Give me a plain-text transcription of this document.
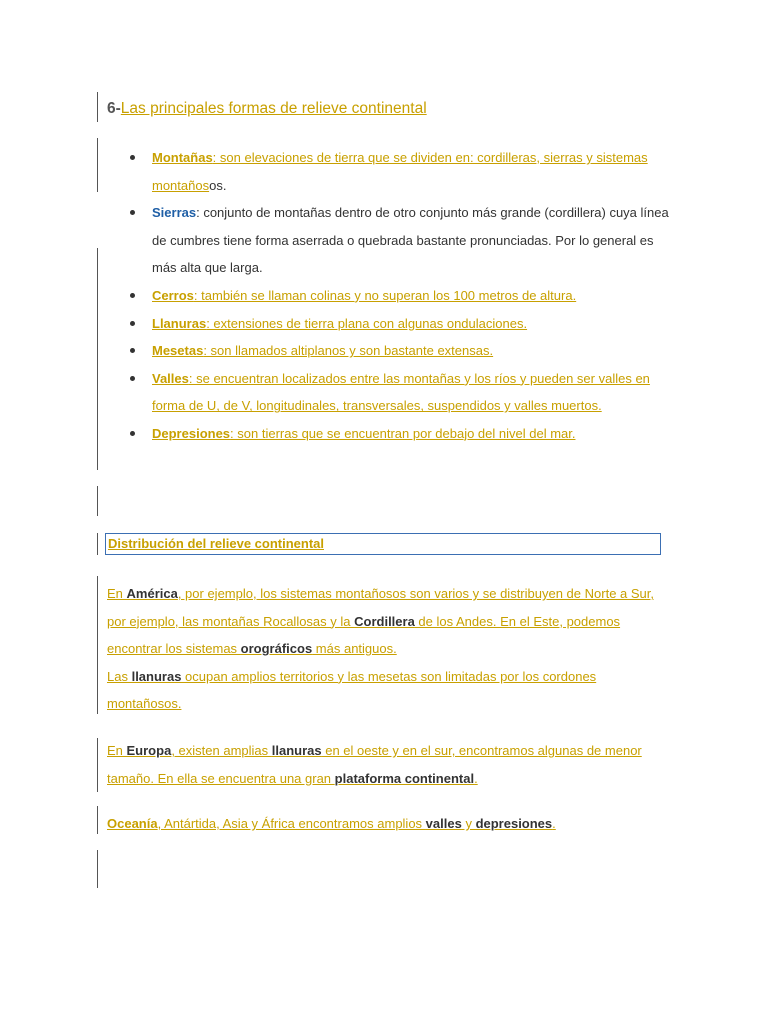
6-Las principales formas de relieve continental
Montañas: son elevaciones de tierra que se dividen en: cordilleras, sierras y sistemas montañosos.
Sierras: conjunto de montañas dentro de otro conjunto más grande (cordillera) cuya línea de cumbres tiene forma aserrada o quebrada bastante pronunciadas. Por lo general es más alta que larga.
Cerros: también se llaman colinas y no superan los 100 metros de altura.
Llanuras: extensiones de tierra plana con algunas ondulaciones.
Mesetas: son llamados altiplanos y son bastante extensas.
Valles: se encuentran localizados entre las montañas y los ríos y pueden ser valles en forma de U, de V, longitudinales, transversales, suspendidos y valles muertos.
Depresiones: son tierras que se encuentran por debajo del nivel del mar.
Distribución del relieve continental

En América, por ejemplo, los sistemas montañosos son varios y se distribuyen de Norte a Sur, por ejemplo, las montañas Rocallosas y la Cordillera de los Andes. En el Este, podemos encontrar los sistemas orográficos más antiguos.
Las llanuras ocupan amplios territorios y las mesetas son limitadas por los cordones montañosos.

En Europa, existen amplias llanuras en el oeste y en el sur, encontramos algunas de menor tamaño. En ella se encuentra una gran plataforma continental.

Oceanía, Antártida, Asia y África encontramos amplios valles y depresiones.
